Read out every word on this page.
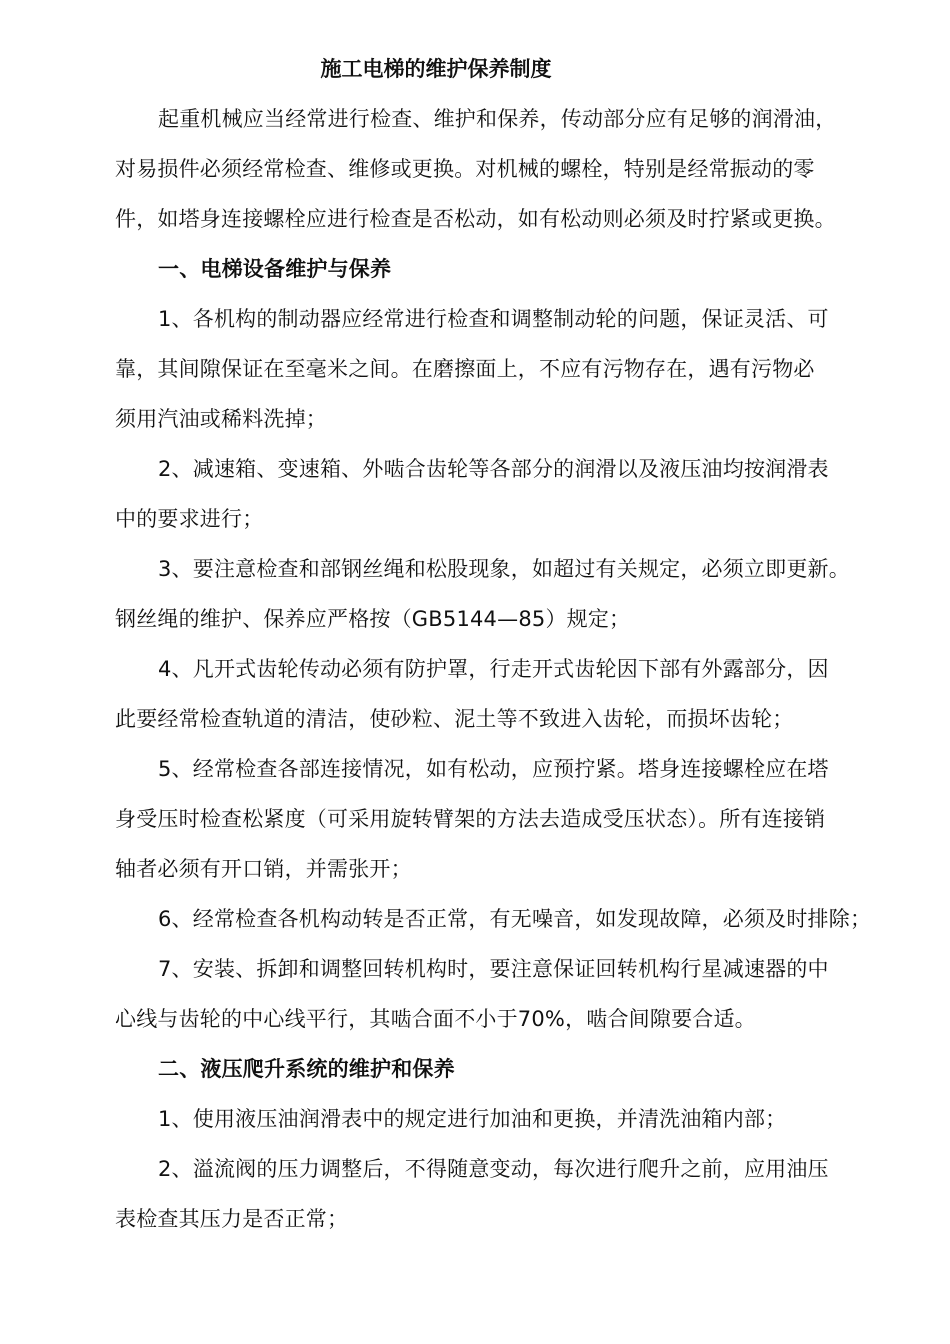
施工电梯的维护保养制度
起重机械应当经常进行检查、维护和保养，传动部分应有足够的润滑油，
对易损件必须经常检查、维修或更换。对机械的螺栓，特别是经常振动的零
件，如塔身连接螺栓应进行检查是否松动，如有松动则必须及时拧紧或更换。
一、电梯设备维护与保养
1、各机构的制动器应经常进行检查和调整制动轮的问题，保证灵活、可
靠，其间隙保证在至毫米之间。在磨擦面上，不应有污物存在，遇有污物必
须用汽油或稀料洗掉；
2、减速箱、变速箱、外啮合齿轮等各部分的润滑以及液压油均按润滑表
中的要求进行；
3、要注意检查和部钢丝绳和松股现象，如超过有关规定，必须立即更新。
钢丝绳的维护、保养应严格按（GB5144—85）规定；
4、凡开式齿轮传动必须有防护罩，行走开式齿轮因下部有外露部分，因
此要经常检查轨道的清洁，使砂粒、泥土等不致进入齿轮，而损坏齿轮；
5、经常检查各部连接情况，如有松动，应预拧紧。塔身连接螺栓应在塔
身受压时检查松紧度（可采用旋转臂架的方法去造成受压状态）。所有连接销
轴者必须有开口销，并需张开；
6、经常检查各机构动转是否正常，有无噪音，如发现故障，必须及时排除；
7、安装、拆卸和调整回转机构时，要注意保证回转机构行星减速器的中
心线与齿轮的中心线平行，其啮合面不小于70%，啮合间隙要合适。
二、液压爬升系统的维护和保养
1、使用液压油润滑表中的规定进行加油和更换，并清洗油箱内部；
2、溢流阀的压力调整后，不得随意变动，每次进行爬升之前，应用油压
表检查其压力是否正常；
